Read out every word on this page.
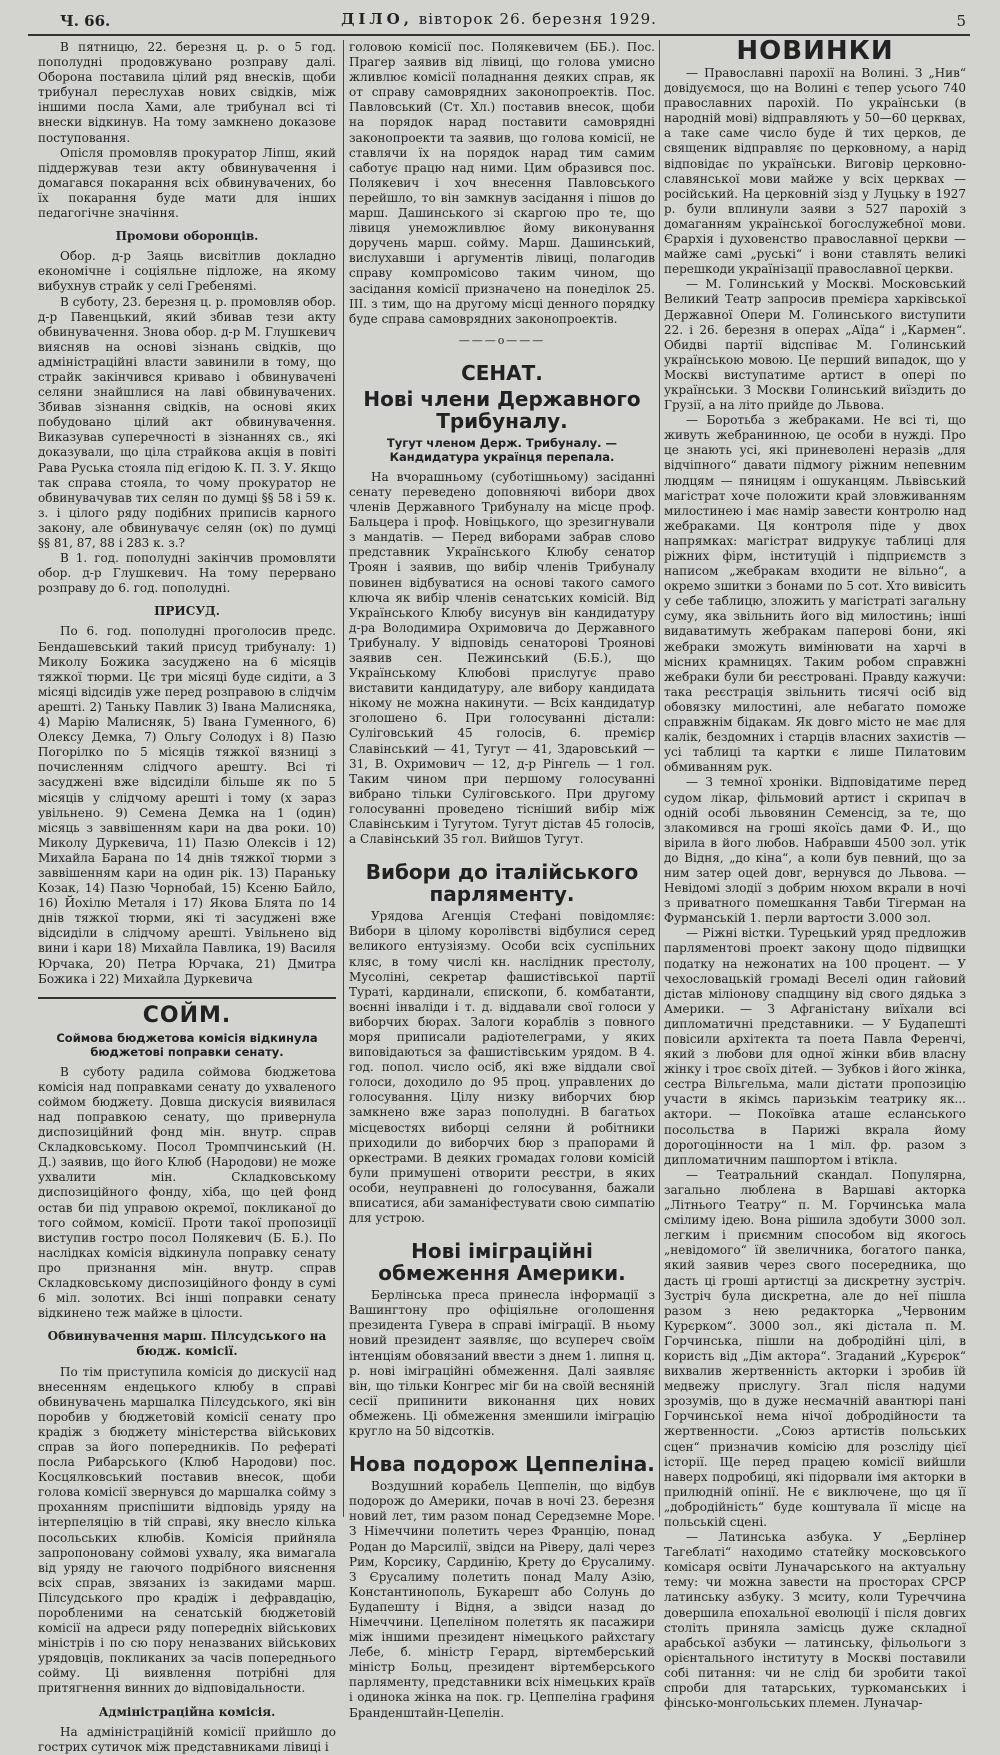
Ч. 66.	ДІЛО, вівторок 26. березня 1929.	5

В пятницю, 22. березня ц. р. о 5 год. пополудні продовжувано розправу далі. Оборона поставила цілий ряд внесків, щоби трибунал переслухав нових свідків, між іншими посла Хами, але трибунал всі ті внески відкинув. На тому замкнено доказове поступовання.

Опісля промовляв прокуратор Ліпш, який піддержував тези акту обвинувачення і домагався покарання всіх обвинувачених, бо їх покарання буде мати для інших педагогічне значіння.

Промови оборонців.

Обор. д-р Заяць висвітлив докладно економічне і соціяльне підложе, на якому вибухнув страйк у селі Гребенямі.

В суботу, 23. березня ц. р. промовляв обор. д-р Павенцький, який збивав тези акту обвинувачення. Знова обор. д-р М. Глушкевич виясняв на основі зізнань свідків, що адміністраційні власти завинили в тому, що страйк закінчився криваво і обвинувачені селяни знайшлися на лаві обвинувачених. Збивав зізнання свідків, на основі яких побудовано цілий акт обвинувачення. Виказував суперечності в зізнаннях св., які доказували, що ціла страйкова акція в повіті Рава Руська стояла під егідою К. П. З. У. Якщо так справа стояла, то чому прокуратор не обвинувачував тих селян по думці §§ 58 і 59 к. з. і цілого ряду подібних приписів карного закону, але обвинувачує селян (ок) по думці §§ 81, 87, 88 і 283 к. з.?

В 1. год. пополудні закінчив промовляти обор. д-р Глушкевич. На тому перервано розправу до 6. год. пополудні.

ПРИСУД.

По 6. год. пополудні проголосив предс. Бендашевський такий присуд трибуналу: 1) Миколу Божика засуджено на 6 місяців тяжкої тюрми. Цє три місяці буде сидіти, а 3 місяці відсидів уже перед розправою в слідчім арешті. 2) Таньку Павлик 3) Івана Малисняка, 4) Марію Малисняк, 5) Івана Гуменного, 6) Олексу Демка, 7) Ольгу Солодух і 8) Пазю Погорілко по 5 місяців тяжкої вязниці з почисленням слідчого арешту. Всі ті засуджені вже відсиділи більше як по 5 місяців у слідчому арешті і тому (х зараз увільнено. 9) Семена Демка на 1 (один) місяць з заввішенням кари на два роки. 10) Миколу Дуркевича, 11) Пазю Олексів і 12) Михайла Барана по 14 днів тяжкої тюрми з заввішенням кари на один рік. 13) Параньку Козак, 14) Пазю Чорнобай, 15) Ксеню Байло, 16) Йохілю Металя і 17) Якова Блята по 14 днів тяжкої тюрми, які ті засуджені вже відсиділи в слідчому арешті. Увільнено від вини і кари 18) Михайла Павлика, 19) Василя Юрчака, 20) Петра Юрчака, 21) Дмитра Божика і 22) Михайла Дуркевича

СОЙМ.

Соймова бюджетова комісія відкинула бюджетові поправки сенату.

В суботу радила соймова бюджетова комісія над поправками сенату до ухваленого соймом бюджету. Довша дискусія виявилася над поправкою сенату, що привернула диспозиційний фонд мін. внутр. справ Складковському. Посол Тромпчинський (Н. Д.) заявив, що його Клюб (Народови) не може ухвалити мін. Складковському диспозиційного фонду, хіба, що цей фонд остав би під управою окремої, покликаної до того соймом, комісії. Проти такої пропозиції виступив гостро посол Полякевич (Б. Б.). По наслідках комісія відкинула поправку сенату про признання мін. внутр. справ Складковському диспозиційного фонду в сумі 6 міл. золотих. Всі інші поправки сенату відкинено теж майже в цілости.

Обвинувачення марш. Пілсудського на бюдж. комісії.

По тім приступила комісія до дискусії над внесенням ендецького клюбу в справі обвинувачень маршалка Пілсудського, які він поробив у бюджетовій комісії сенату про крадіж з бюджету міністерства військових справ за його попередників. По рефераті посла Рибарського (Клюб Народови) пос. Косцялковський поставив внесок, щоби голова комісії звернувся до маршалка сойму з проханням приспішити відповідь уряду на інтерпеляцію в тій справі, яку внесло кілька посольських клюбів. Комісія прийняла запропоновану соймові ухвалу, яка вимагала від уряду не гаючого подрібного вияснення всіх справ, звязаних із закидами марш. Пілсудського про крадіж і дефравдацію, поробленими на сенатській бюджетовій комісії на адреси ряду попередніх військових міністрів і по сю пору неназваних військових урядовців, покликаних за часів попереднього сойму. Ці виявлення потрібні для притягнення винних до відповідальности.

Адміністраційна комісія.

На адміністраційній комісії прийшло до гострих сутичок між представниками лівиці і

головою комісії пос. Полякевичем (ББ.). Пос. Прагер заявив від лівиці, що голова умисно жливлює комісії поладнання деяких справ, як от справу самоврядних законопроектів. Пос. Павловський (Ст. Хл.) поставив внесок, щоби на порядок нарад поставити самоврядні законопроекти та заявив, що голова комісії, не ставлячи їх на порядок нарад тим самим саботує працю над ними. Цим образився пос. Полякевич і хоч внесення Павловського перейшло, то він замкнув засідання і пішов до марш. Дашинського зі скаргою про те, що лівиця унеможливлює йому виконування доручень марш. сойму. Марш. Дашинський, вислухавши і аргументів лівиці, полагодив справу компромісово таким чином, що засідання комісії призначено на понеділок 25. III. з тим, що на другому місці денного порядку буде справа самоврядних законопроектів.

———o———

СЕНАТ.
Нові члени Державного Трибуналу.

Тугут членом Держ. Трибуналу. — Кандидатура українця перепала.

На вчорашньому (суботішньому) засіданні сенату переведено доповняючі вибори двох членів Державного Трибуналу на місце проф. Бальцера і проф. Новіцького, що зрезигнували з мандатів. — Перед виборами забрав слово представник Українського Клюбу сенатор Троян і заявив, що вибір членів Трибуналу повинен відбуватися на основі такого самого ключа як вибір членів сенатських комісій. Від Українського Клюбу висунув він кандидатуру д-ра Володимира Охримовича до Державного Трибуналу. У відповідь сенаторові Троянові заявив сен. Пежинський (Б.Б.), що Українському Клюбові прислугує право виставити кандидатуру, але вибору кандидата нікому не можна накинути. — Всіх кандидатур зголошено 6. При голосуванні дістали: Суліговський 45 голосів, 6. премієр Славінський — 41, Тугут — 41, Здаровський — 31, В. Охримович — 12, д-р Рінгель — 1 гол. Таким чином при першому голосуванні вибрано тільки Суліговського. При другому голосуванні проведено тісніший вибір між Славінським і Тугутом. Тугут дістав 45 голосів, а Славінський 35 гол. Вийшов Тугут.

Вибори до італійського парляменту.

Урядова Агенція Стефані повідомляє: Вибори в цілому королівстві відбулися серед великого ентузіязму. Особи всіх суспільних кляс, в тому числі кн. наслідник престолу, Мусоліні, секретар фашистівської партії Тураті, кардинали, єпископи, б. комбатанти, воєнні інваліди і т. д. віддавали свої голоси у виборчих бюрах. Залоги кораблів з повного моря приписали радіотелеграми, у яких виповідаються за фашистівським урядом. В 4. год. попол. число осіб, які вже віддали свої голоси, доходило до 95 проц. управлених до голосування. Цілу низку виборчих бюр замкнено вже зараз пополудні. В багатьох місцевостях виборці селяни й робітники приходили до виборчих бюр з прапорами й оркестрами. В деяких громадах голови комісій були примушені отворити реєстри, в яких особи, неуправнені до голосування, бажали вписатися, аби заманіфестувати свою симпатію для устрою.

Нові іміграційні обмеження Америки.

Берлінська преса принесла інформації з Вашингтону про офіціяльне оголошення президента Гувера в справі іміграції. В ньому новий президент заявляє, що всупереч своїм інтенціям обовязаний ввести з днем 1. липня ц. р. нові іміграційні обмеження. Далі заявляє він, що тільки Конгрес міг би на своїй весняній сесії припинити виконання цих нових обмежень. Ці обмеження зменшили іміграцію кругло на 50 відсотків.

Нова подорож Цеппеліна.

Воздушний корабель Цеппелін, що відбув подорож до Америки, почав в ночі 23. березня новий лет, тим разом понад Середземне Море. З Німеччини полетить через Францію, понад Родан до Марсилії, звідси на Ріверу, далі через Рим, Корсику, Сардинію, Крету до Єрусалиму. З Єрусалиму полетить понад Малу Азію, Константинополь, Букарешт або Солунь до Будапешту і Відня, а звідси назад до Німеччини. Цепеліном полетять як пасажири між іншими президент німецького райхстагу Лебе, б. міністр Герард, віртемберський міністр Больц, президент віртемберського парляменту, представники всіх німецьких країв і одинока жінка на пок. гр. Цеппеліна графиня Бранденштайн-Цепелін.

НОВИНКИ

— Православні парохії на Волині. З „Нив“ довідуємося, що на Волині є тепер усього 740 православних парохій. По українськи (в народній мові) відправляють у 50—60 церквах, а таке саме число буде й тих церков, де священик відправляє по церковному, а нарід відповідає по українськи. Виговір церковно-славянської мови майже у всіх церквах — російський. На церковній зізд у Луцьку в 1927 р. були вплинули заяви з 527 парохій з домаганням української богослужебної мови. Єрархія і духовенство православної церкви — майже самі „руські“ і вони ставлять великі перешкоди українізації православної церкви.

— М. Голинський у Москві. Московський Великий Театр запросив премієра харківської Державної Опери М. Голинського виступити 22. і 26. березня в операх „Аїда“ і „Кармен“. Обидві партії відспіває М. Голинський українською мовою. Це перший випадок, що у Москві виступатиме артист в опері по українськи. З Москви Голинський виїздить до Грузії, а на літо прийде до Львова.

— Боротьба з жебраками. Не всі ті, що живуть жебранинною, це особи в нужді. Про це знають усі, які приневолені неразів „для відчіпного“ давати підмогу ріжним непевним людцям — пяницям і ошуканцям. Львівський магістрат хоче положити край зловживанням милостинею і має намір завести контролю над жебраками. Ця контроля піде у двох напрямках: магістрат видрукує таблиці для ріжних фірм, інституцій і підприємств з написом „жебракам входити не вільно“, а окремо зшитки з бонами по 5 сот. Хто вивісить у себе таблицю, зложить у магістраті загальну суму, яка звільнить його від милостинь; інші видаватимуть жебракам паперові бони, які жебраки зможуть вимінювати на харчі в місних крамницях. Таким робом справжні жебраки були би реєстровані. Правду кажучи: така реєстрація звільнить тисячі осіб від обовязку милостині, але небагато поможе справжнім бідакам. Як довго місто не має для калік, бездомних і старців власних захистів — усі таблиці та картки є лише Пилатовим обмиванням рук.

— З темної хроніки. Відповідатиме перед судом лікар, фільмовий артист і скрипач в одній особі львовянин Семенсід, за те, що злакомився на гроші якоїсь дами Ф. И., що вірила в його любов. Набравши 4500 зол. утік до Відня, „до кіна“, а коли був певний, що за ним затер оцей довг, вернувся до Львова. — Невідомі злодії з добрим нюхом вкрали в ночі з приватного помешкання Тавби Тігерман на Фурманській 1. перли вартости 3.000 зол.

— Ріжні вістки. Турецький уряд предложив парляментові проект закону щодо підвищки податку на нежонатих на 100 процент. — У чехословацькій громаді Веселі один гайовий дістав міліонову спадщину від свого дядька з Америки. — З Афганістану виїхали всі дипломатичні представники. — У Будапешті повісили архітекта та поета Павла Ференчі, який з любови для одної жінки вбив власну жінку і троє своїх дітей. — Зубков і його жінка, сестра Вільгельма, мали дістати пропозицію участи в якімсь паризькім театрику як... актори. — Покоївка аташе есланського посольства в Парижі вкрала йому дорогоцінности на 1 міл. фр. разом з дипломатичним пашпортом і втікла.

— Театральний скандал. Популярна, загально люблена в Варшаві акторка „Літнього Театру“ п. М. Горчинська мала смілиму ідею. Вона рішила здобути 3000 зол. легким і приємним способом від якогось „невідомого“ їй звеличника, богатого панка, який заявив через свого посередника, що дасть ці гроші артистці за дискретну зустріч. Зустріч була дискретна, але до неї пішла разом з нею редакторка „Червоним Курєрком“. 3000 зол., які дістала п. М. Горчинська, пішли на добродійні цілі, в користь від „Дім актора“. Згаданий „Курєрок“ вихвалив жертвенність акторки і зробив їй медвежу прислугу. Згал після надуми зрозумів, що в дуже несмачній авантюрі пані Горчинської нема нічої добродійности та жертвенности. „Союз артистів польських сцен“ призначив комісію для розсліду цієї історії. Ще перед працею комісії вийшли наверх подробиці, які підорвали імя акторки в прилюдній опінії. Не є виключене, що ця її „добродійність“ буде коштувала її місце на польській сцені.

— Латинська азбука. У „Берлінер Тагеблаті“ находимо статейку московського комісаря освіти Луначарського на актуальну тему: чи можна завести на просторах СРСР латинську азбуку. З мситу, коли Туреччина довершила епохальної еволюції і після довгих століть приняла замісць дуже складної арабської азбуки — латинську, фільольоги з орієнтального інституту в Москві поставили собі питання: чи не слід би зробити такої спроби для татарських, туркоманських і фінсько-монгольських племен. Луначар-
